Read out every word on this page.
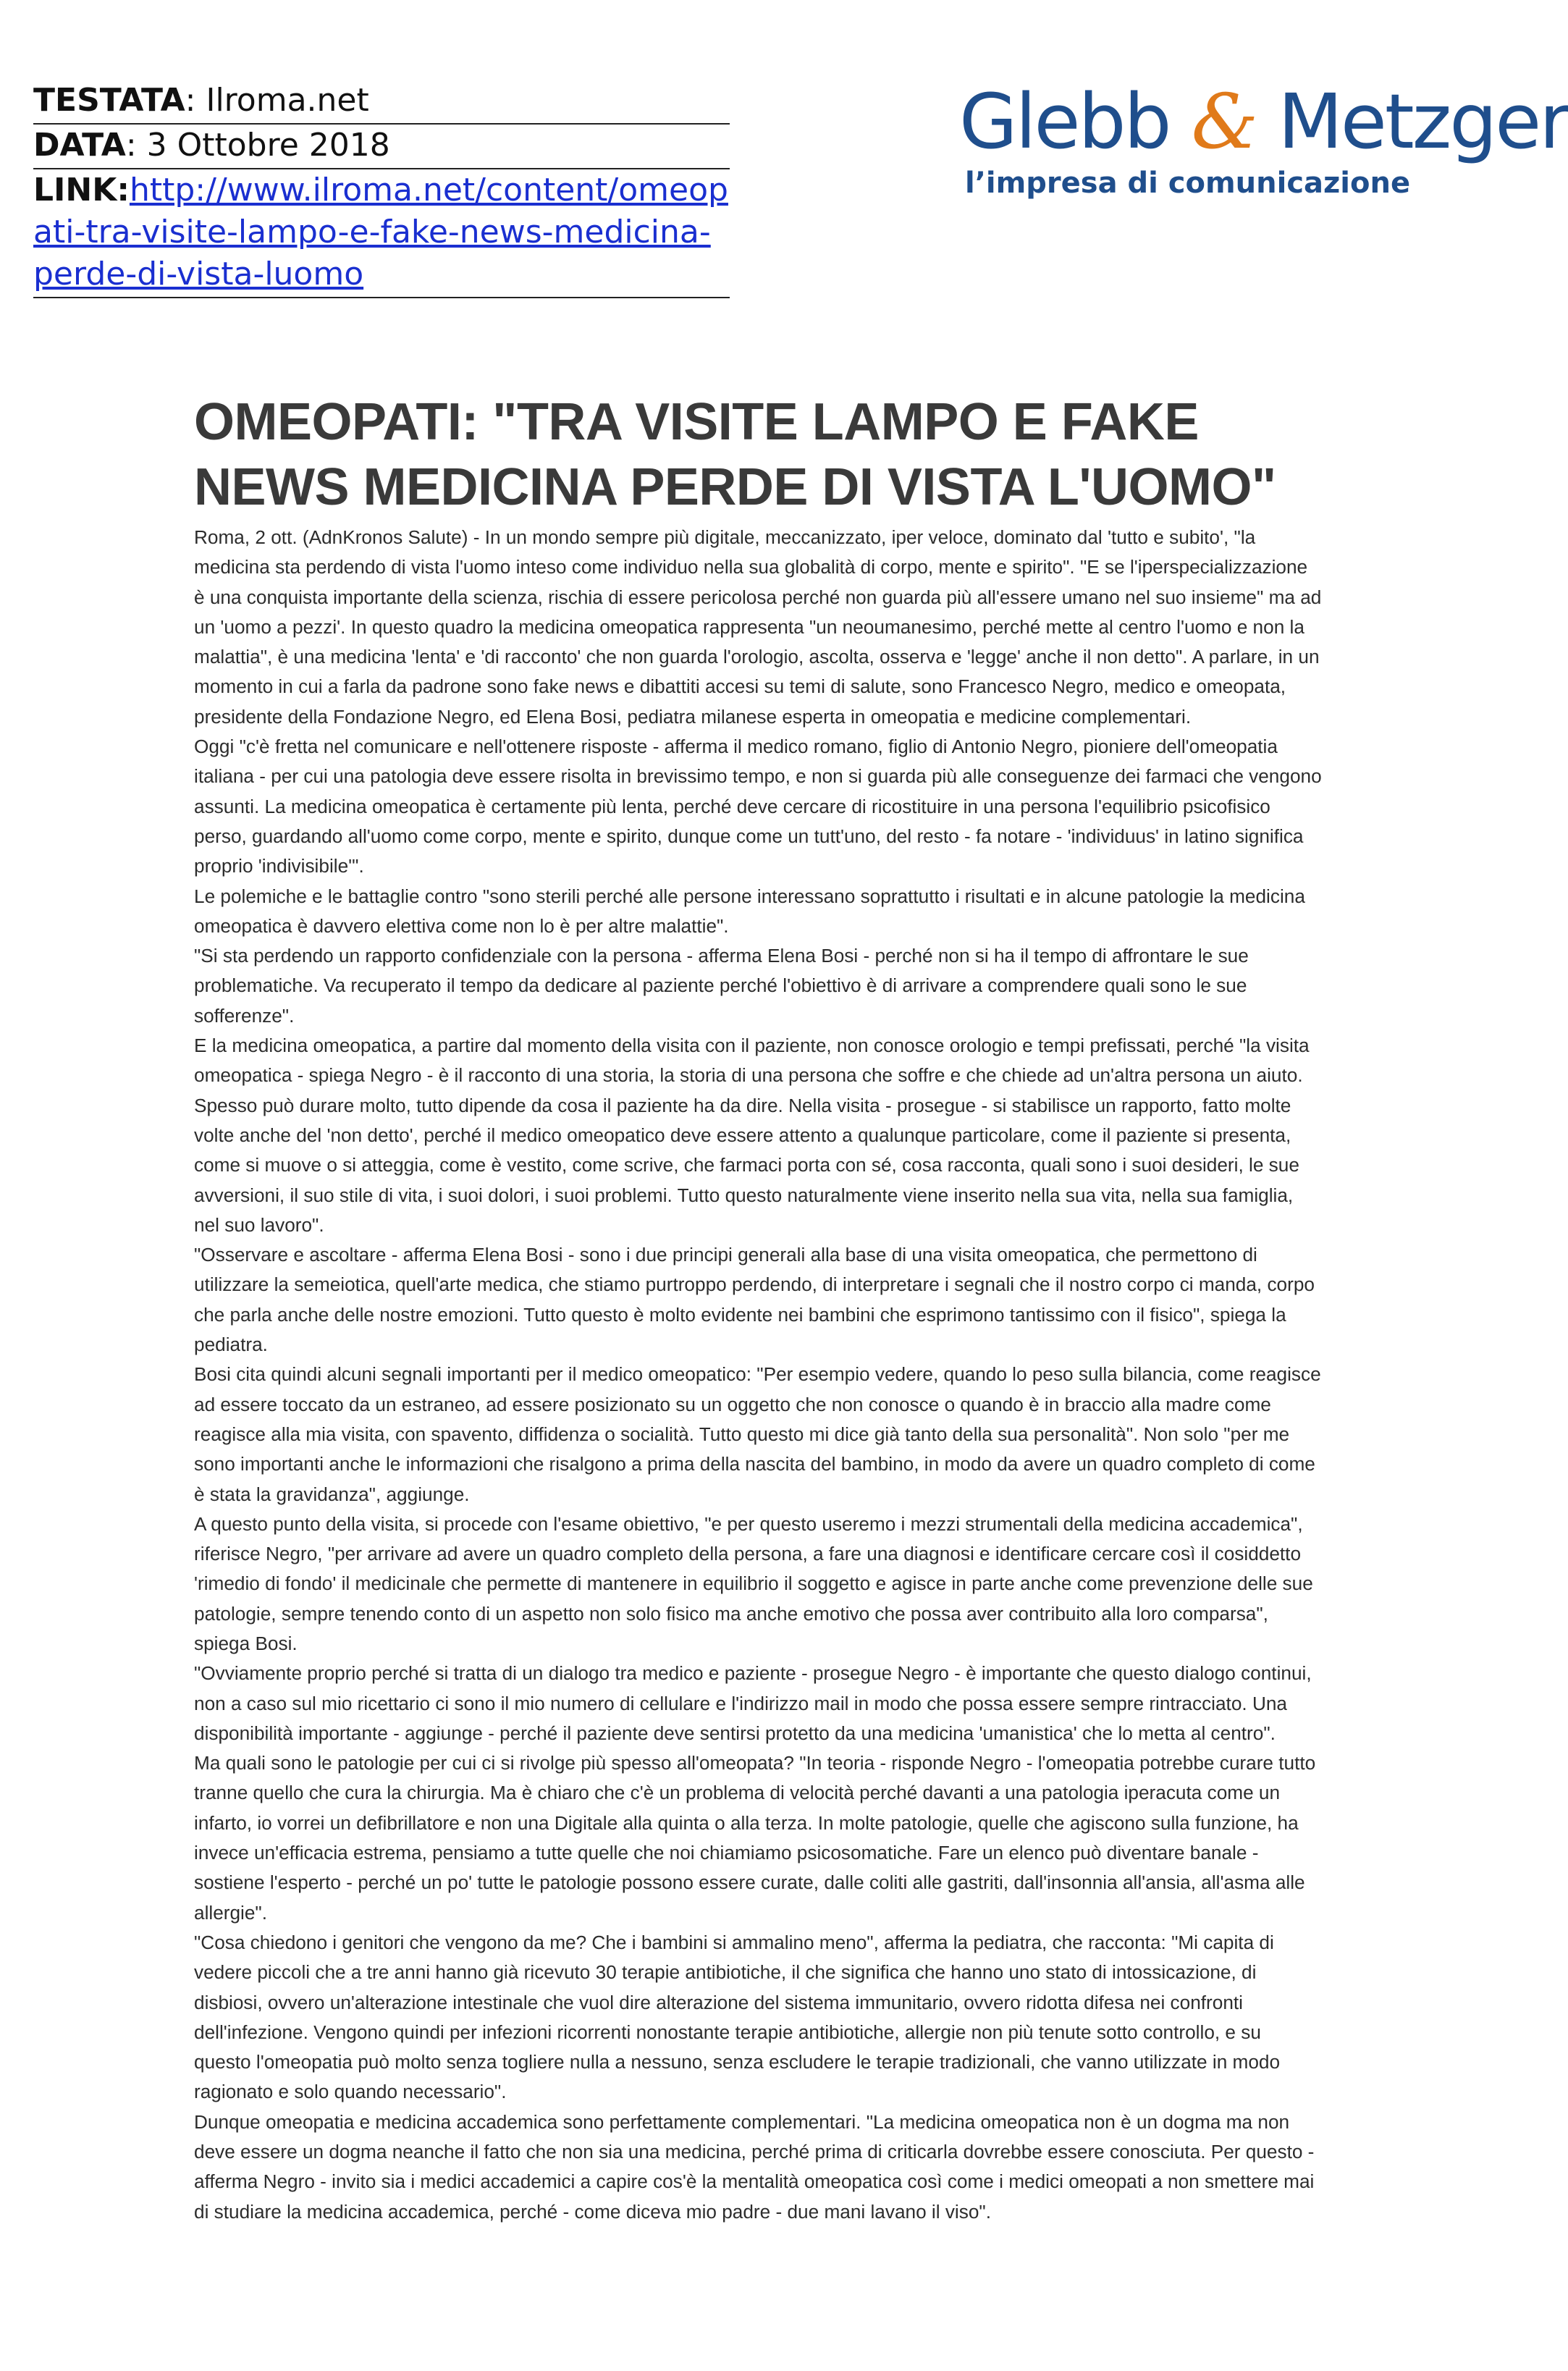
TESTATA: Ilroma.net
DATA: 3 Ottobre 2018
LINK:http://www.ilroma.net/content/omeopati-tra-visite-lampo-e-fake-news-medicina-perde-di-vista-luomo
Glebb & Metzger
l’impresa di comunicazione
OMEOPATI: "TRA VISITE LAMPO E FAKE NEWS MEDICINA PERDE DI VISTA L'UOMO"

Roma, 2 ott. (AdnKronos Salute) - In un mondo sempre più digitale, meccanizzato, iper veloce, dominato dal 'tutto e subito', "la medicina sta perdendo di vista l'uomo inteso come individuo nella sua globalità di corpo, mente e spirito". "E se l'iperspecializzazione è una conquista importante della scienza, rischia di essere pericolosa perché non guarda più all'essere umano nel suo insieme" ma ad un 'uomo a pezzi'. In questo quadro la medicina omeopatica rappresenta "un neoumanesimo, perché mette al centro l'uomo e non la malattia", è una medicina 'lenta' e 'di racconto' che non guarda l'orologio, ascolta, osserva e 'legge' anche il non detto". A parlare, in un momento in cui a farla da padrone sono fake news e dibattiti accesi su temi di salute, sono Francesco Negro, medico e omeopata, presidente della Fondazione Negro, ed Elena Bosi, pediatra milanese esperta in omeopatia e medicine complementari.

Oggi "c'è fretta nel comunicare e nell'ottenere risposte - afferma il medico romano, figlio di Antonio Negro, pioniere dell'omeopatia italiana - per cui una patologia deve essere risolta in brevissimo tempo, e non si guarda più alle conseguenze dei farmaci che vengono assunti. La medicina omeopatica è certamente più lenta, perché deve cercare di ricostituire in una persona l'equilibrio psicofisico perso, guardando all'uomo come corpo, mente e spirito, dunque come un tutt'uno, del resto - fa notare - 'individuus' in latino significa proprio 'indivisibile'".

Le polemiche e le battaglie contro "sono sterili perché alle persone interessano soprattutto i risultati e in alcune patologie la medicina omeopatica è davvero elettiva come non lo è per altre malattie".

"Si sta perdendo un rapporto confidenziale con la persona - afferma Elena Bosi - perché non si ha il tempo di affrontare le sue problematiche. Va recuperato il tempo da dedicare al paziente perché l'obiettivo è di arrivare a comprendere quali sono le sue sofferenze".

E la medicina omeopatica, a partire dal momento della visita con il paziente, non conosce orologio e tempi prefissati, perché "la visita omeopatica - spiega Negro - è il racconto di una storia, la storia di una persona che soffre e che chiede ad un'altra persona un aiuto. Spesso può durare molto, tutto dipende da cosa il paziente ha da dire. Nella visita - prosegue - si stabilisce un rapporto, fatto molte volte anche del 'non detto', perché il medico omeopatico deve essere attento a qualunque particolare, come il paziente si presenta, come si muove o si atteggia, come è vestito, come scrive, che farmaci porta con sé, cosa racconta, quali sono i suoi desideri, le sue avversioni, il suo stile di vita, i suoi dolori, i suoi problemi. Tutto questo naturalmente viene inserito nella sua vita, nella sua famiglia, nel suo lavoro".

"Osservare e ascoltare - afferma Elena Bosi - sono i due principi generali alla base di una visita omeopatica, che permettono di utilizzare la semeiotica, quell'arte medica, che stiamo purtroppo perdendo, di interpretare i segnali che il nostro corpo ci manda, corpo che parla anche delle nostre emozioni. Tutto questo è molto evidente nei bambini che esprimono tantissimo con il fisico", spiega la pediatra.

Bosi cita quindi alcuni segnali importanti per il medico omeopatico: "Per esempio vedere, quando lo peso sulla bilancia, come reagisce ad essere toccato da un estraneo, ad essere posizionato su un oggetto che non conosce o quando è in braccio alla madre come reagisce alla mia visita, con spavento, diffidenza o socialità. Tutto questo mi dice già tanto della sua personalità". Non solo "per me sono importanti anche le informazioni che risalgono a prima della nascita del bambino, in modo da avere un quadro completo di come è stata la gravidanza", aggiunge.

A questo punto della visita, si procede con l'esame obiettivo, "e per questo useremo i mezzi strumentali della medicina accademica", riferisce Negro, "per arrivare ad avere un quadro completo della persona, a fare una diagnosi e identificare cercare così il cosiddetto 'rimedio di fondo' il medicinale che permette di mantenere in equilibrio il soggetto e agisce in parte anche come prevenzione delle sue patologie, sempre tenendo conto di un aspetto non solo fisico ma anche emotivo che possa aver contribuito alla loro comparsa", spiega Bosi.

"Ovviamente proprio perché si tratta di un dialogo tra medico e paziente - prosegue Negro - è importante che questo dialogo continui, non a caso sul mio ricettario ci sono il mio numero di cellulare e l'indirizzo mail in modo che possa essere sempre rintracciato. Una disponibilità importante - aggiunge - perché il paziente deve sentirsi protetto da una medicina 'umanistica' che lo metta al centro".

Ma quali sono le patologie per cui ci si rivolge più spesso all'omeopata? "In teoria - risponde Negro - l'omeopatia potrebbe curare tutto tranne quello che cura la chirurgia. Ma è chiaro che c'è un problema di velocità perché davanti a una patologia iperacuta come un infarto, io vorrei un defibrillatore e non una Digitale alla quinta o alla terza. In molte patologie, quelle che agiscono sulla funzione, ha invece un'efficacia estrema, pensiamo a tutte quelle che noi chiamiamo psicosomatiche. Fare un elenco può diventare banale - sostiene l'esperto - perché un po' tutte le patologie possono essere curate, dalle coliti alle gastriti, dall'insonnia all'ansia, all'asma alle allergie".

"Cosa chiedono i genitori che vengono da me? Che i bambini si ammalino meno", afferma la pediatra, che racconta: "Mi capita di vedere piccoli che a tre anni hanno già ricevuto 30 terapie antibiotiche, il che significa che hanno uno stato di intossicazione, di disbiosi, ovvero un'alterazione intestinale che vuol dire alterazione del sistema immunitario, ovvero ridotta difesa nei confronti dell'infezione. Vengono quindi per infezioni ricorrenti nonostante terapie antibiotiche, allergie non più tenute sotto controllo, e su questo l'omeopatia può molto senza togliere nulla a nessuno, senza escludere le terapie tradizionali, che vanno utilizzate in modo ragionato e solo quando necessario".

Dunque omeopatia e medicina accademica sono perfettamente complementari. "La medicina omeopatica non è un dogma ma non deve essere un dogma neanche il fatto che non sia una medicina, perché prima di criticarla dovrebbe essere conosciuta. Per questo - afferma Negro - invito sia i medici accademici a capire cos'è la mentalità omeopatica così come i medici omeopati a non smettere mai di studiare la medicina accademica, perché - come diceva mio padre - due mani lavano il viso".
